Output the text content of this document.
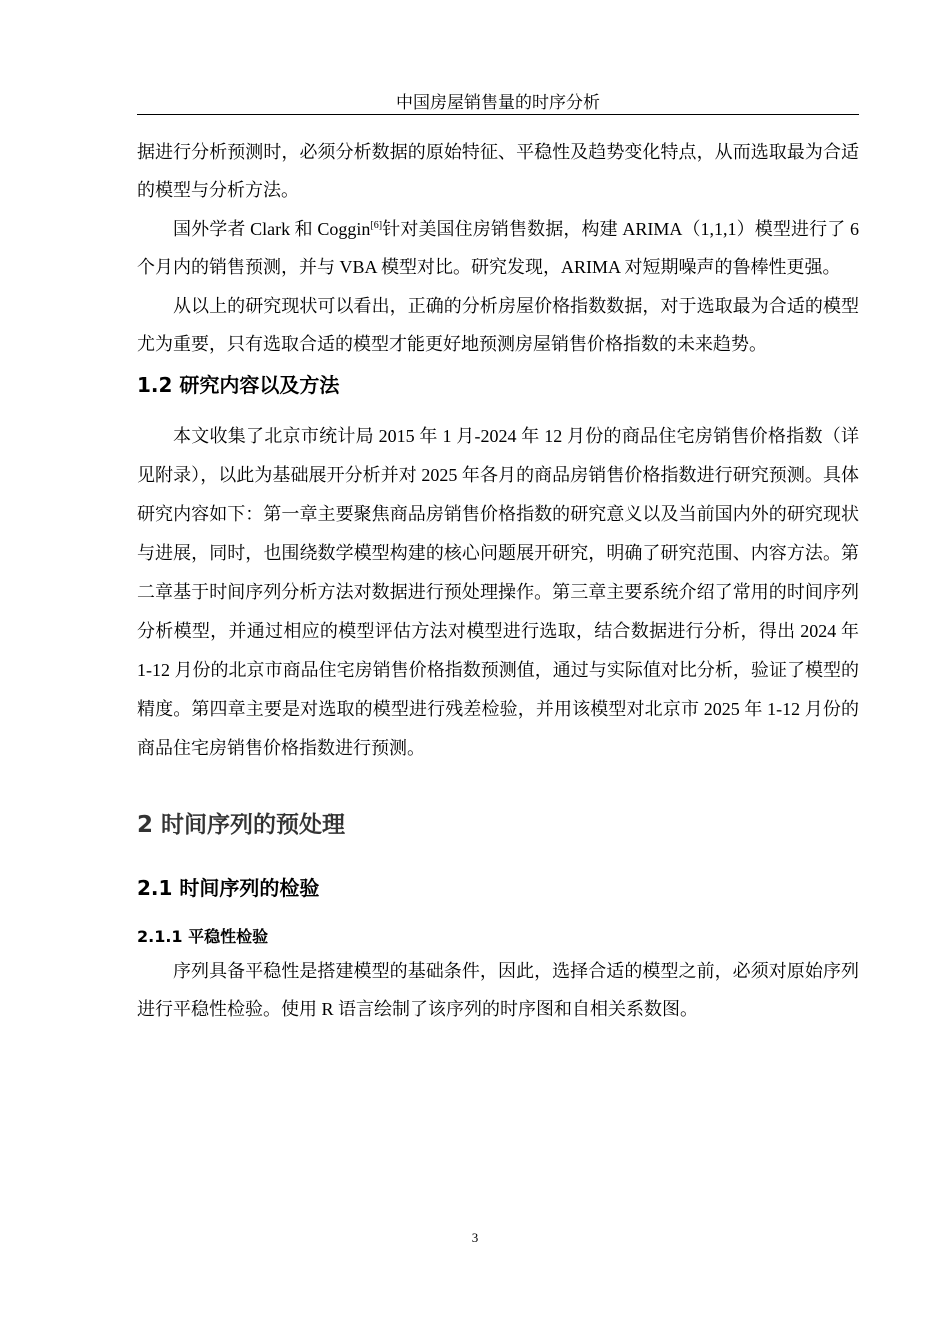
中国房屋销售量的时序分析

据进行分析预测时，必须分析数据的原始特征、平稳性及趋势变化特点，从而选取最为合适的模型与分析方法。

国外学者 Clark 和 Coggin[6]针对美国住房销售数据，构建 ARIMA（1,1,1）模型进行了 6 个月内的销售预测，并与 VBA 模型对比。研究发现，ARIMA 对短期噪声的鲁棒性更强。

从以上的研究现状可以看出，正确的分析房屋价格指数数据，对于选取最为合适的模型尤为重要，只有选取合适的模型才能更好地预测房屋销售价格指数的未来趋势。

1.2 研究内容以及方法

本文收集了北京市统计局 2015 年 1 月-2024 年 12 月份的商品住宅房销售价格指数（详见附录），以此为基础展开分析并对 2025 年各月的商品房销售价格指数进行研究预测。具体研究内容如下：第一章主要聚焦商品房销售价格指数的研究意义以及当前国内外的研究现状与进展，同时，也围绕数学模型构建的核心问题展开研究，明确了研究范围、内容方法。第二章基于时间序列分析方法对数据进行预处理操作。第三章主要系统介绍了常用的时间序列分析模型，并通过相应的模型评估方法对模型进行选取，结合数据进行分析，得出 2024 年 1-12 月份的北京市商品住宅房销售价格指数预测值，通过与实际值对比分析，验证了模型的精度。第四章主要是对选取的模型进行残差检验，并用该模型对北京市 2025 年 1-12 月份的商品住宅房销售价格指数进行预测。

2 时间序列的预处理
2.1 时间序列的检验
2.1.1 平稳性检验

序列具备平稳性是搭建模型的基础条件，因此，选择合适的模型之前，必须对原始序列进行平稳性检验。使用 R 语言绘制了该序列的时序图和自相关系数图。

3
